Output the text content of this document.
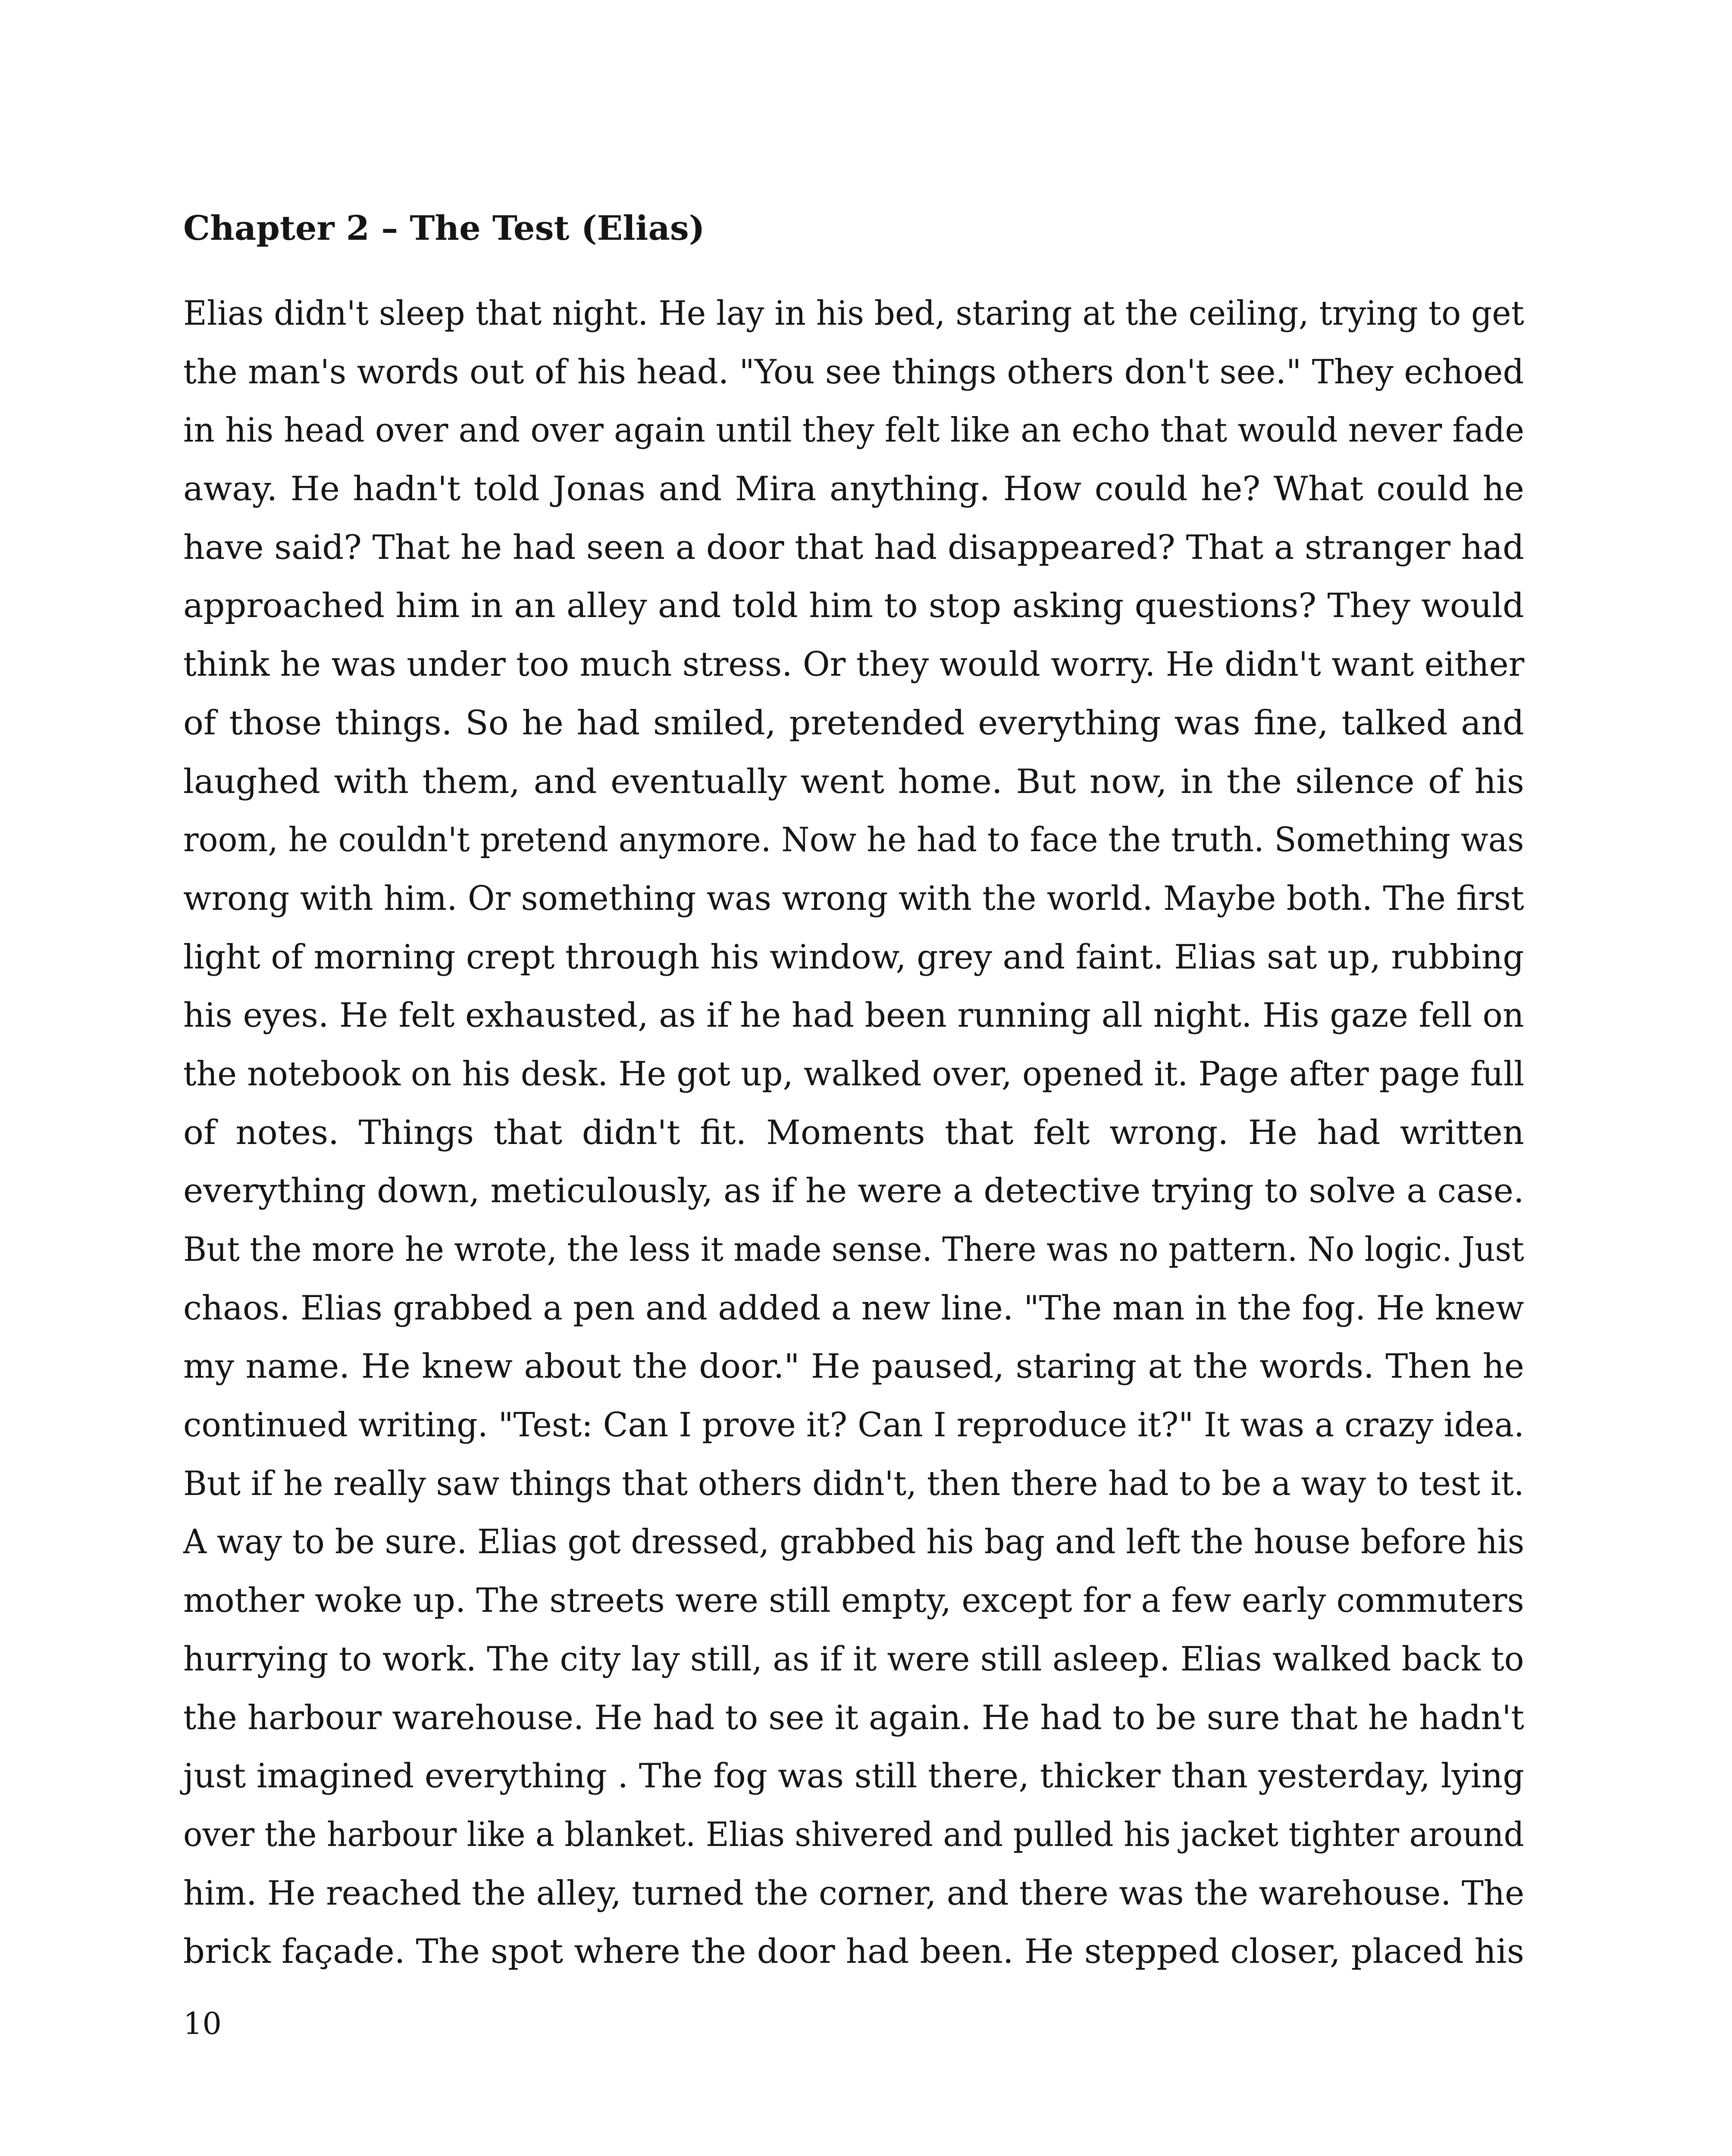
Chapter 2 – The Test (Elias)
Elias didn't sleep that night. He lay in his bed, staring at the ceiling, trying to get
the man's words out of his head. "You see things others don't see." They echoed
in his head over and over again until they felt like an echo that would never fade
away. He hadn't told Jonas and Mira anything. How could he? What could he
have said? That he had seen a door that had disappeared? That a stranger had
approached him in an alley and told him to stop asking questions? They would
think he was under too much stress. Or they would worry. He didn't want either
of those things. So he had smiled, pretended everything was fine, talked and
laughed with them, and eventually went home. But now, in the silence of his
room, he couldn't pretend anymore. Now he had to face the truth. Something was
wrong with him. Or something was wrong with the world. Maybe both. The first
light of morning crept through his window, grey and faint. Elias sat up, rubbing
his eyes. He felt exhausted, as if he had been running all night. His gaze fell on
the notebook on his desk. He got up, walked over, opened it. Page after page full
of notes. Things that didn't fit. Moments that felt wrong. He had written
everything down, meticulously, as if he were a detective trying to solve a case.
But the more he wrote, the less it made sense. There was no pattern. No logic. Just
chaos. Elias grabbed a pen and added a new line. "The man in the fog. He knew
my name. He knew about the door." He paused, staring at the words. Then he
continued writing. "Test: Can I prove it? Can I reproduce it?" It was a crazy idea.
But if he really saw things that others didn't, then there had to be a way to test it.
A way to be sure. Elias got dressed, grabbed his bag and left the house before his
mother woke up. The streets were still empty, except for a few early commuters
hurrying to work. The city lay still, as if it were still asleep. Elias walked back to
the harbour warehouse. He had to see it again. He had to be sure that he hadn't
just imagined everything . The fog was still there, thicker than yesterday, lying
over the harbour like a blanket. Elias shivered and pulled his jacket tighter around
him. He reached the alley, turned the corner, and there was the warehouse. The
brick façade. The spot where the door had been. He stepped closer, placed his
10
